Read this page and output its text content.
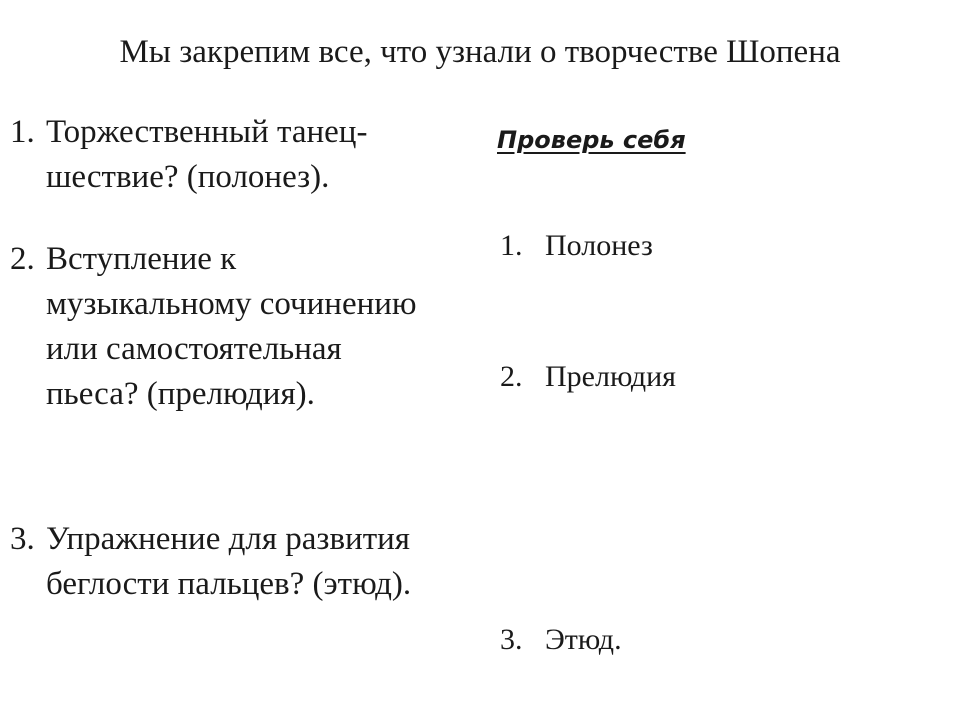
Мы закрепим все, что узнали о творчестве Шопена
1. Торжественный танец-шествие? (полонез).
2. Вступление к музыкальному сочинению или самостоятельная пьеса? (прелюдия).
3. Упражнение для развития беглости пальцев? (этюд).
Проверь себя
1. Полонез
2. Прелюдия
3. Этюд.
